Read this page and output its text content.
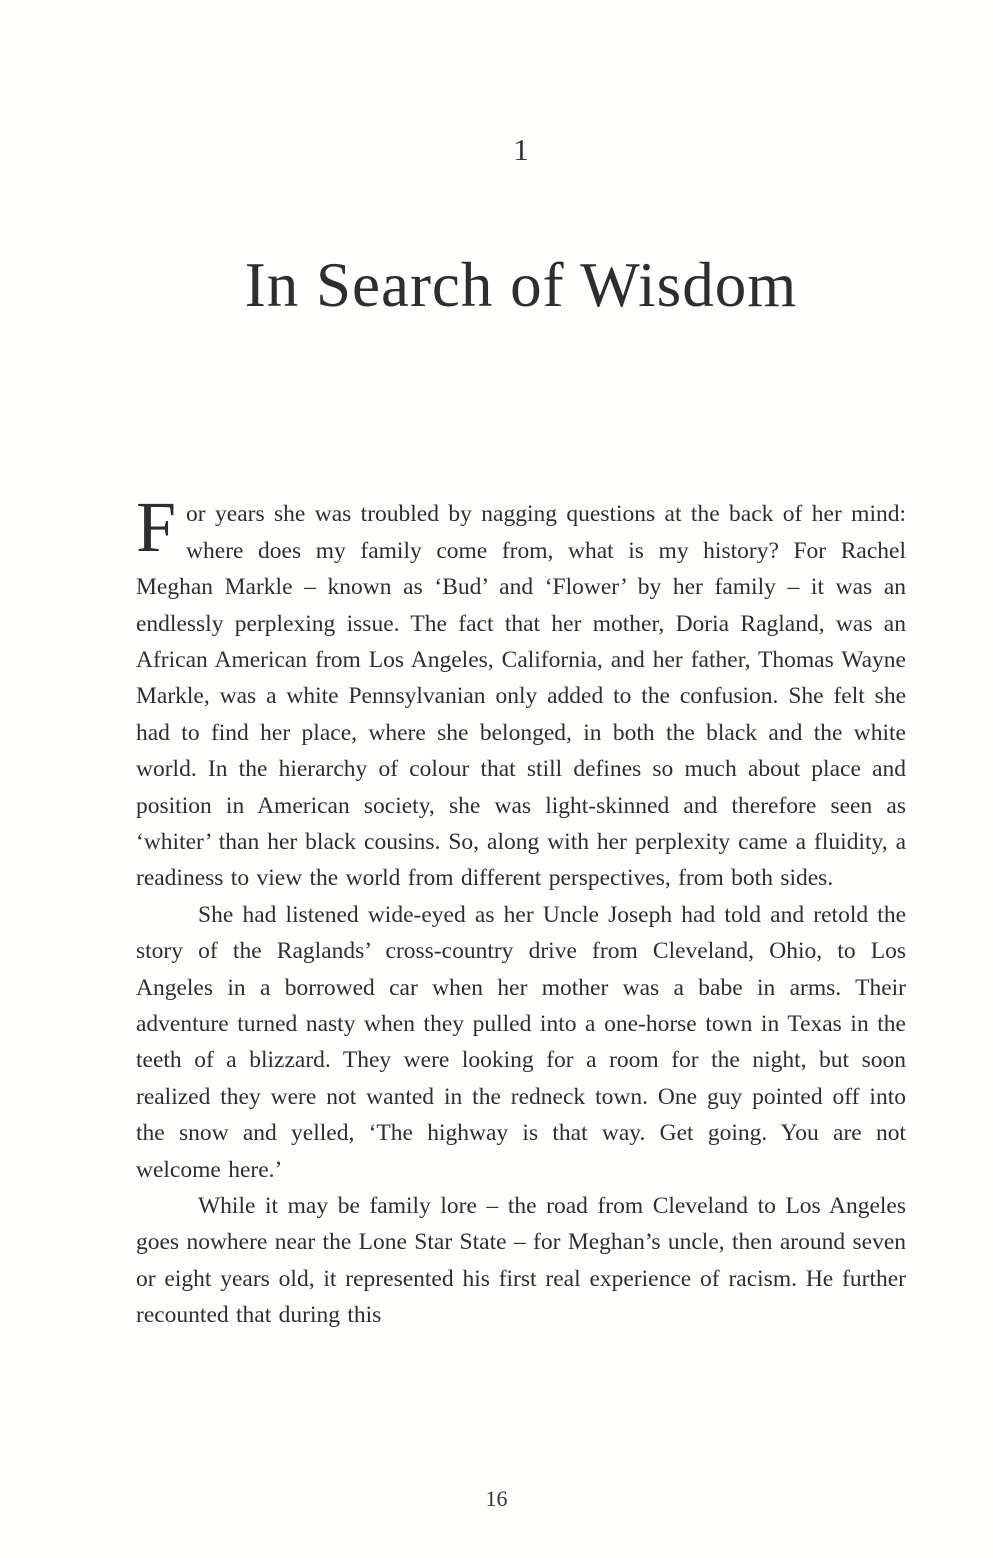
1
In Search of Wisdom

For years she was troubled by nagging questions at the back of her mind: where does my family come from, what is my history? For Rachel Meghan Markle – known as ‘Bud’ and ‘Flower’ by her family – it was an endlessly perplexing issue. The fact that her mother, Doria Ragland, was an African American from Los Angeles, California, and her father, Thomas Wayne Markle, was a white Pennsylvanian only added to the confusion. She felt she had to find her place, where she belonged, in both the black and the white world. In the hierarchy of colour that still defines so much about place and position in American society, she was light-skinned and therefore seen as ‘whiter’ than her black cousins. So, along with her perplexity came a fluidity, a readiness to view the world from different perspectives, from both sides.

She had listened wide-eyed as her Uncle Joseph had told and retold the story of the Raglands’ cross-country drive from Cleveland, Ohio, to Los Angeles in a borrowed car when her mother was a babe in arms. Their adventure turned nasty when they pulled into a one-horse town in Texas in the teeth of a blizzard. They were looking for a room for the night, but soon realized they were not wanted in the redneck town. One guy pointed off into the snow and yelled, ‘The highway is that way. Get going. You are not welcome here.’

While it may be family lore – the road from Cleveland to Los Angeles goes nowhere near the Lone Star State – for Meghan’s uncle, then around seven or eight years old, it represented his first real experience of racism. He further recounted that during this

16
